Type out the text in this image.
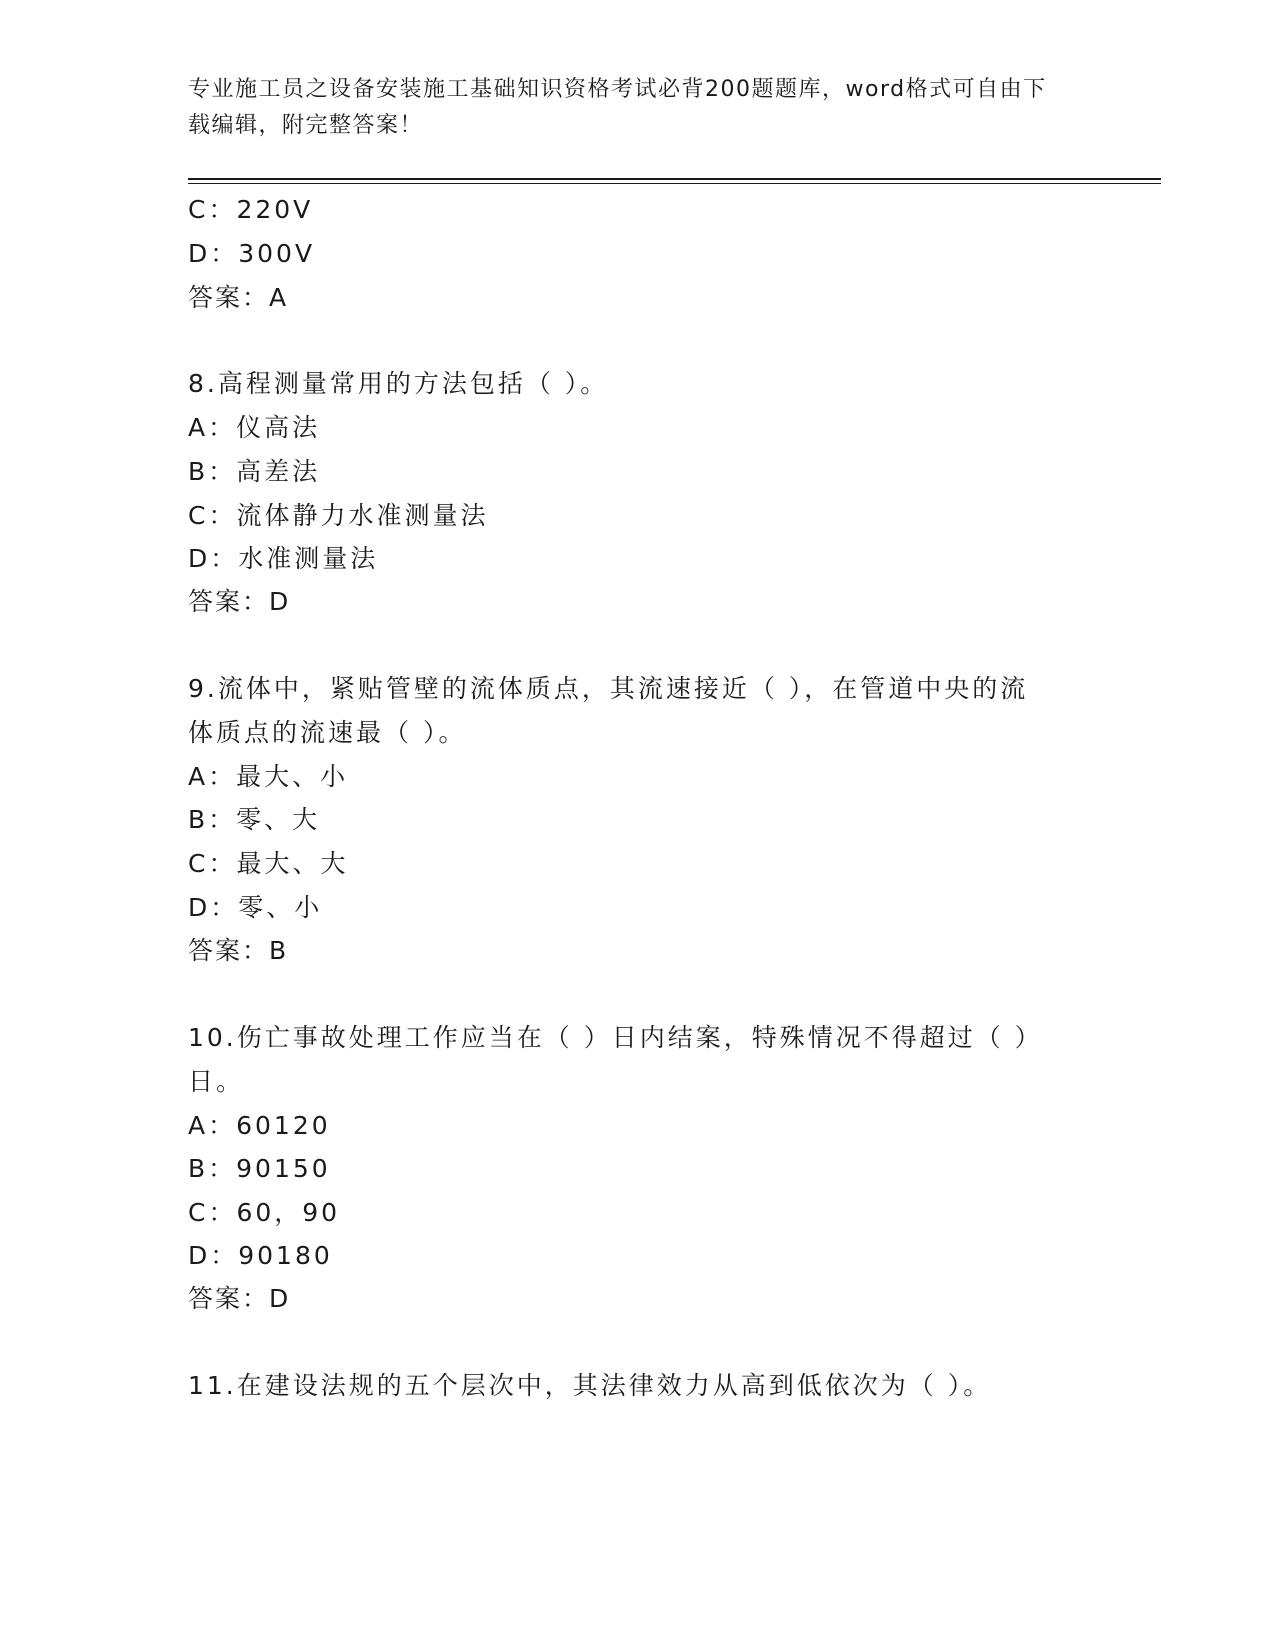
专业施工员之设备安装施工基础知识资格考试必背200题题库，word格式可自由下载编辑，附完整答案！
C：220V
D：300V
答案：A
8.高程测量常用的方法包括（ ）。
A：仪高法
B：高差法
C：流体静力水准测量法
D：水准测量法
答案：D
9.流体中，紧贴管壁的流体质点，其流速接近（ ），在管道中央的流
体质点的流速最（ ）。
A：最大、小
B：零、大
C：最大、大
D：零、小
答案：B
10.伤亡事故处理工作应当在（ ）日内结案，特殊情况不得超过（ ）
日。
A：60120
B：90150
C：60，90
D：90180
答案：D
11.在建设法规的五个层次中，其法律效力从高到低依次为（ ）。
